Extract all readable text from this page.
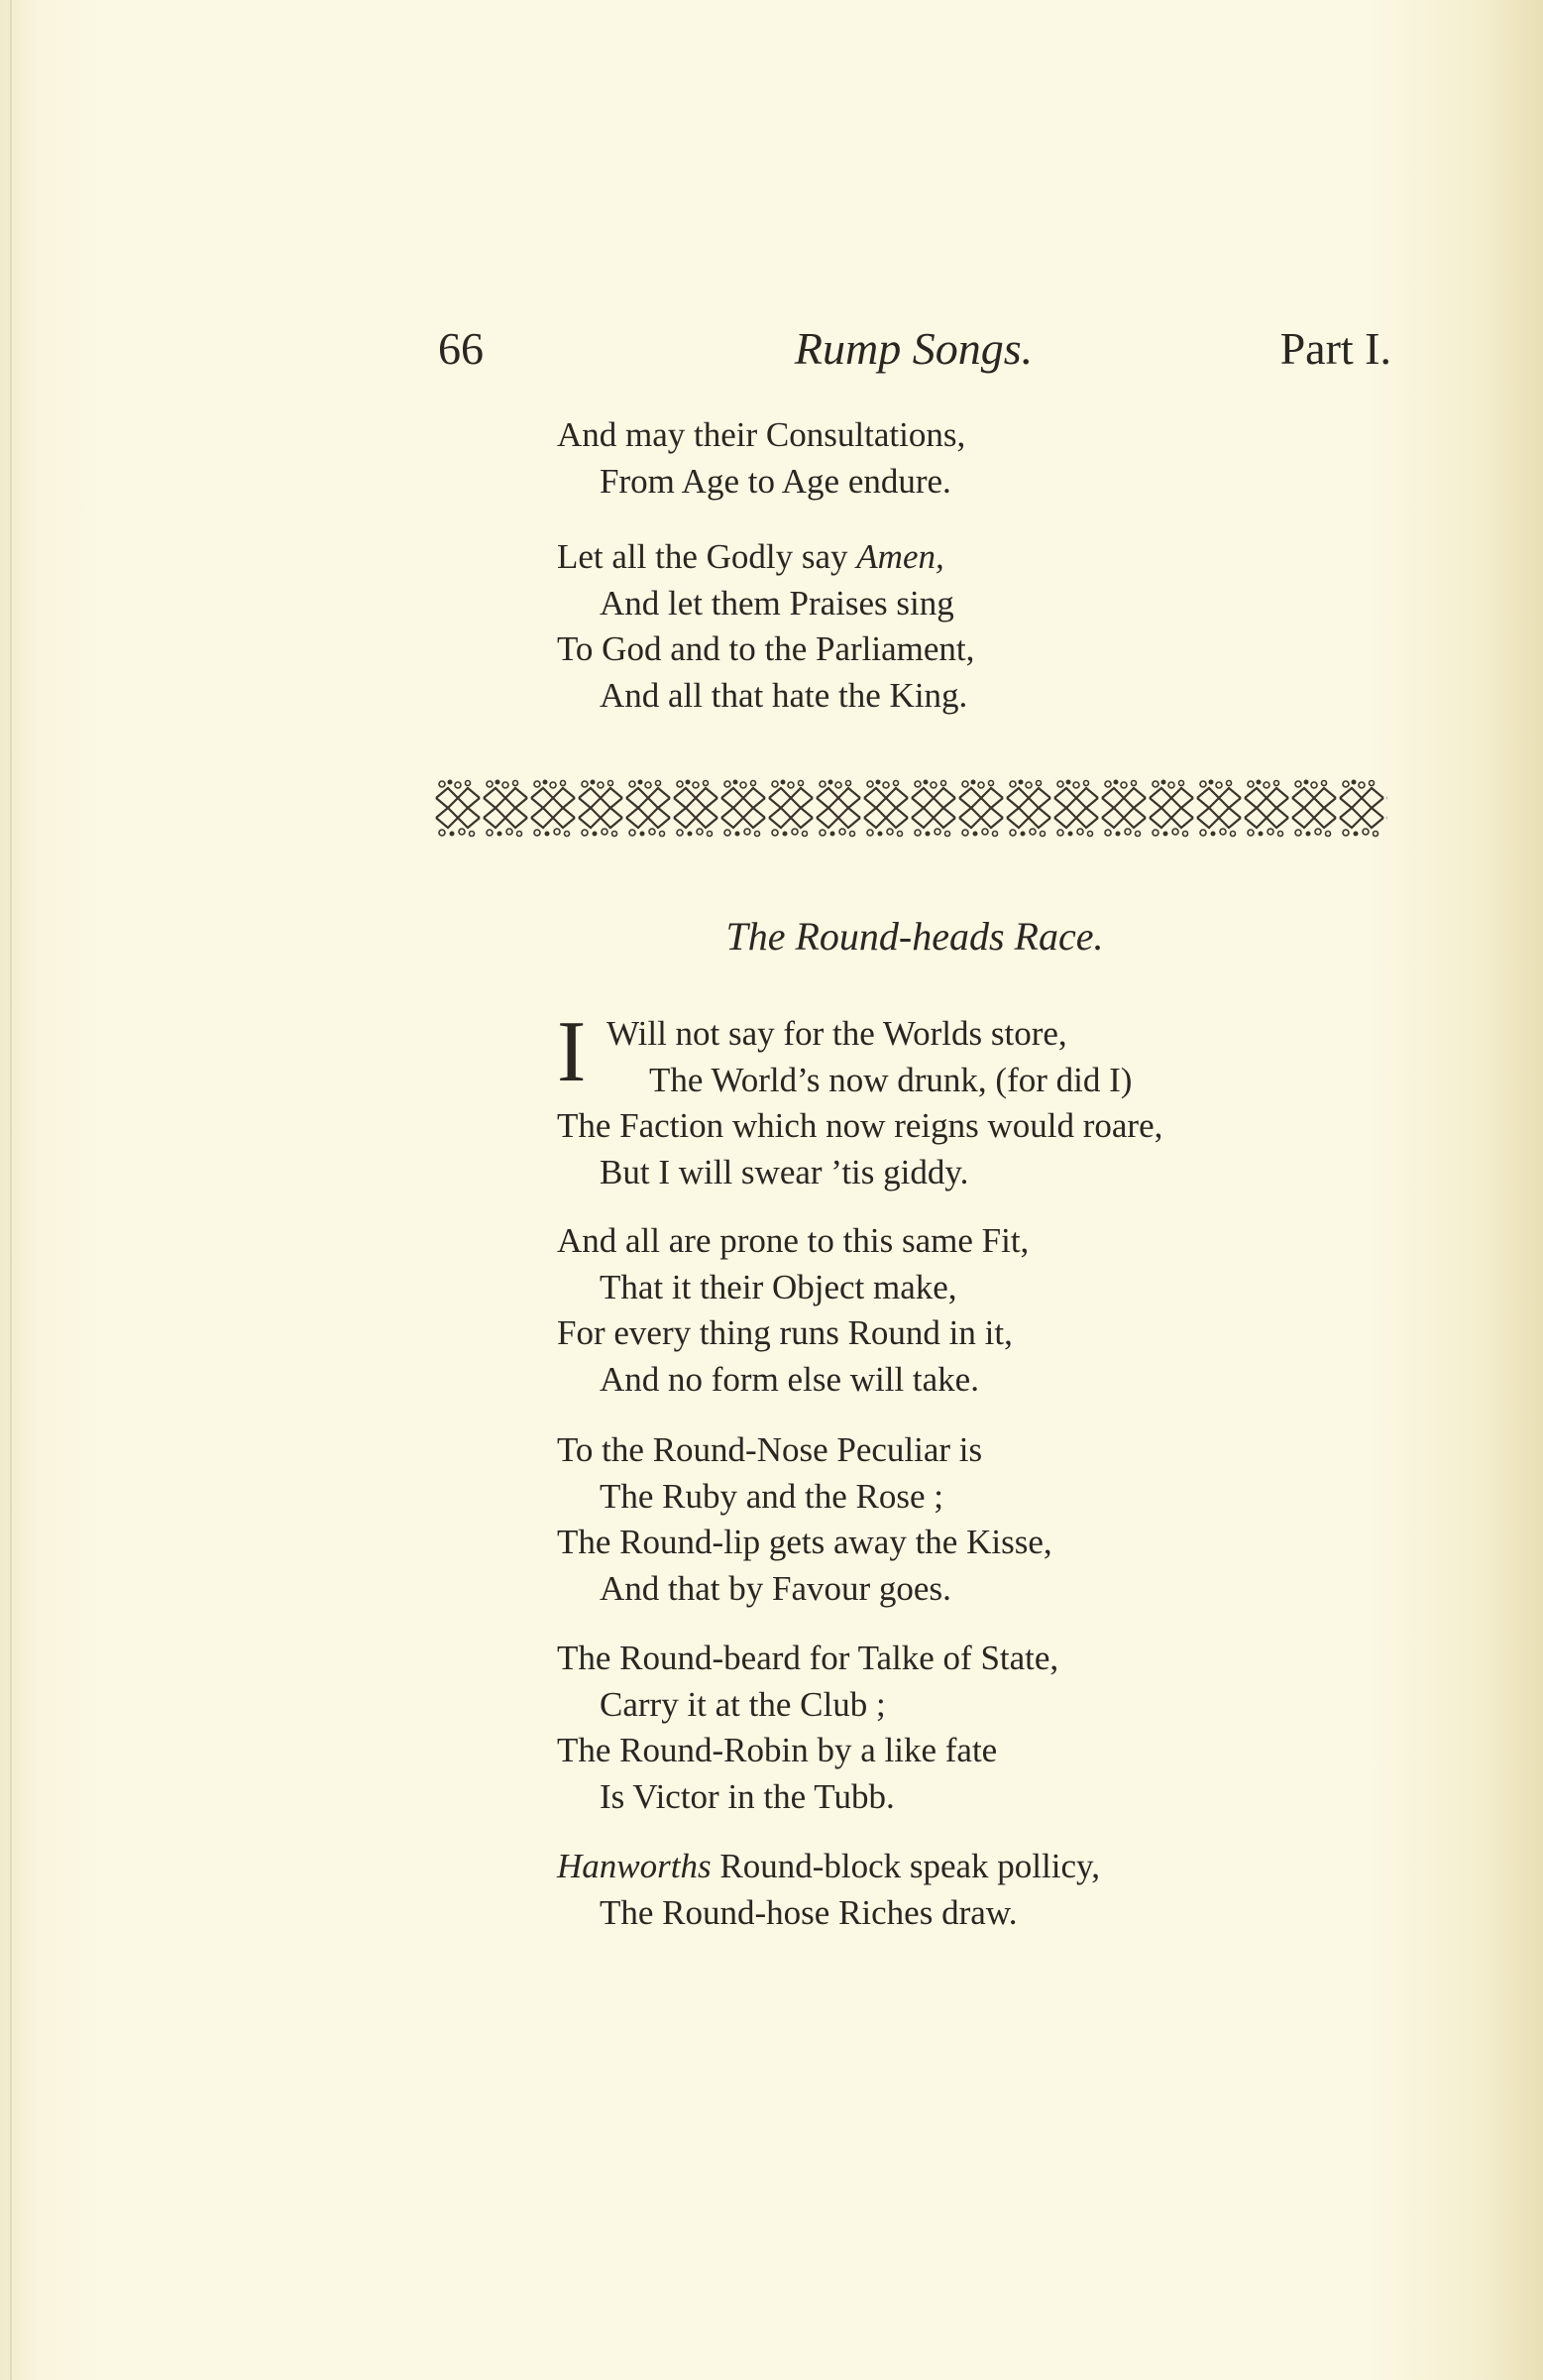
66	Rump Songs.	Part I.
And may their Consultations,
From Age to Age endure.
Let all the Godly say Amen,
And let them Praises sing
To God and to the Parliament,
And all that hate the King.
The Round-heads Race.
I Will not say for the Worlds store,
The World’s now drunk, (for did I)
The Faction which now reigns would roare,
But I will swear ’tis giddy.
And all are prone to this same Fit,
That it their Object make,
For every thing runs Round in it,
And no form else will take.
To the Round-Nose Peculiar is
The Ruby and the Rose ;
The Round-lip gets away the Kisse,
And that by Favour goes.
The Round-beard for Talke of State,
Carry it at the Club ;
The Round-Robin by a like fate
Is Victor in the Tubb.
Hanworths Round-block speak pollicy,
The Round-hose Riches draw.
